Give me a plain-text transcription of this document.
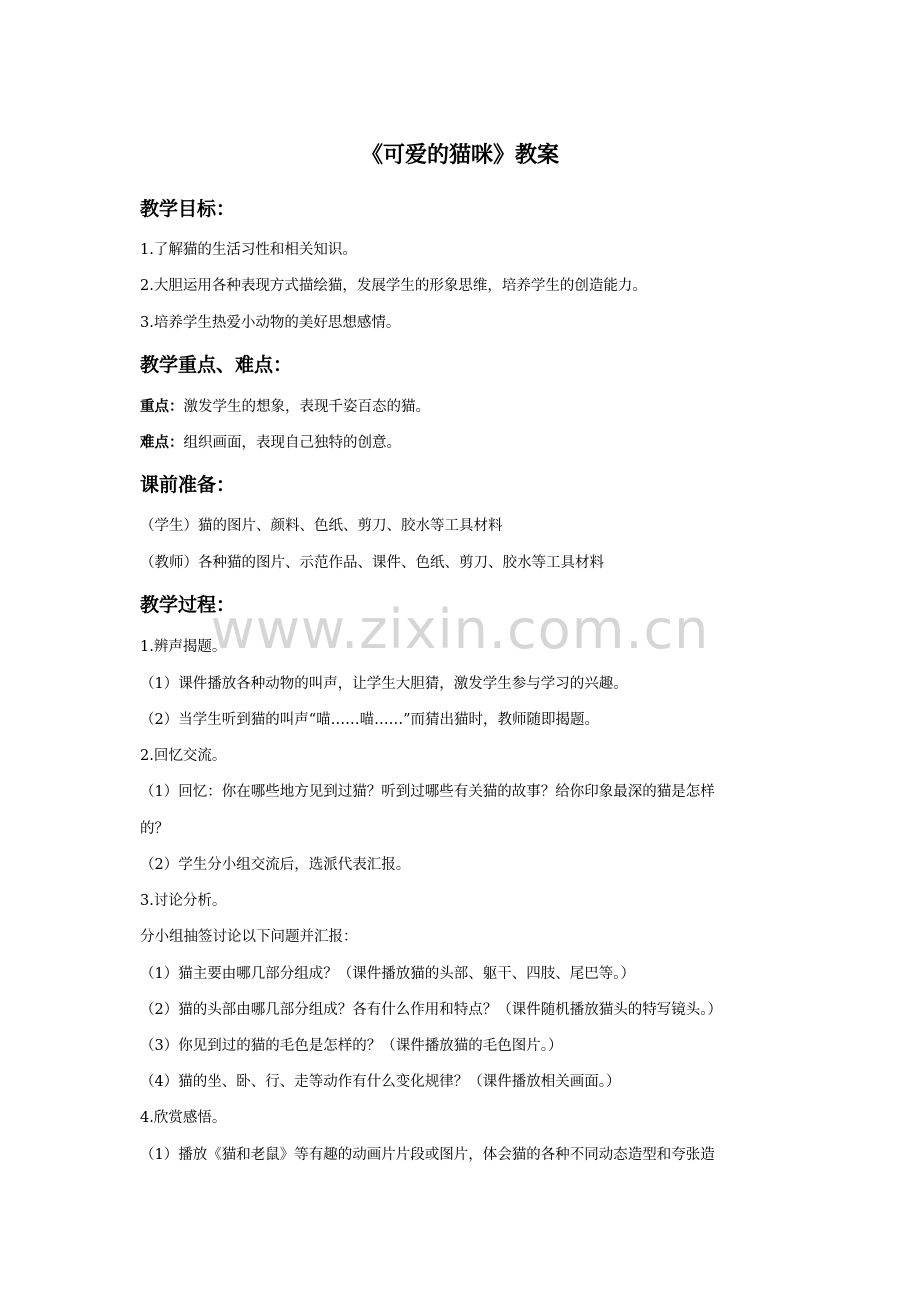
www.zixin.com.cn
《可爱的猫咪》教案
教学目标：
1.了解猫的生活习性和相关知识。
2.大胆运用各种表现方式描绘猫，发展学生的形象思维，培养学生的创造能力。
3.培养学生热爱小动物的美好思想感情。
教学重点、难点：
重点：激发学生的想象，表现千姿百态的猫。
难点：组织画面，表现自己独特的创意。
课前准备：
（学生）猫的图片、颜料、色纸、剪刀、胶水等工具材料
（教师）各种猫的图片、示范作品、课件、色纸、剪刀、胶水等工具材料
教学过程：
1.辨声揭题。
（1）课件播放各种动物的叫声，让学生大胆猜，激发学生参与学习的兴趣。
（2）当学生听到猫的叫声“喵……喵……”而猜出猫时，教师随即揭题。
2.回忆交流。
（1）回忆：你在哪些地方见到过猫？听到过哪些有关猫的故事？给你印象最深的猫是怎样
的？
（2）学生分小组交流后，选派代表汇报。
3.讨论分析。
分小组抽签讨论以下问题并汇报：
（1）猫主要由哪几部分组成？（课件播放猫的头部、躯干、四肢、尾巴等。）
（2）猫的头部由哪几部分组成？各有什么作用和特点？（课件随机播放猫头的特写镜头。）
（3）你见到过的猫的毛色是怎样的？（课件播放猫的毛色图片。）
（4）猫的坐、卧、行、走等动作有什么变化规律？（课件播放相关画面。）
4.欣赏感悟。
（1）播放《猫和老鼠》等有趣的动画片片段或图片，体会猫的各种不同动态造型和夸张造
